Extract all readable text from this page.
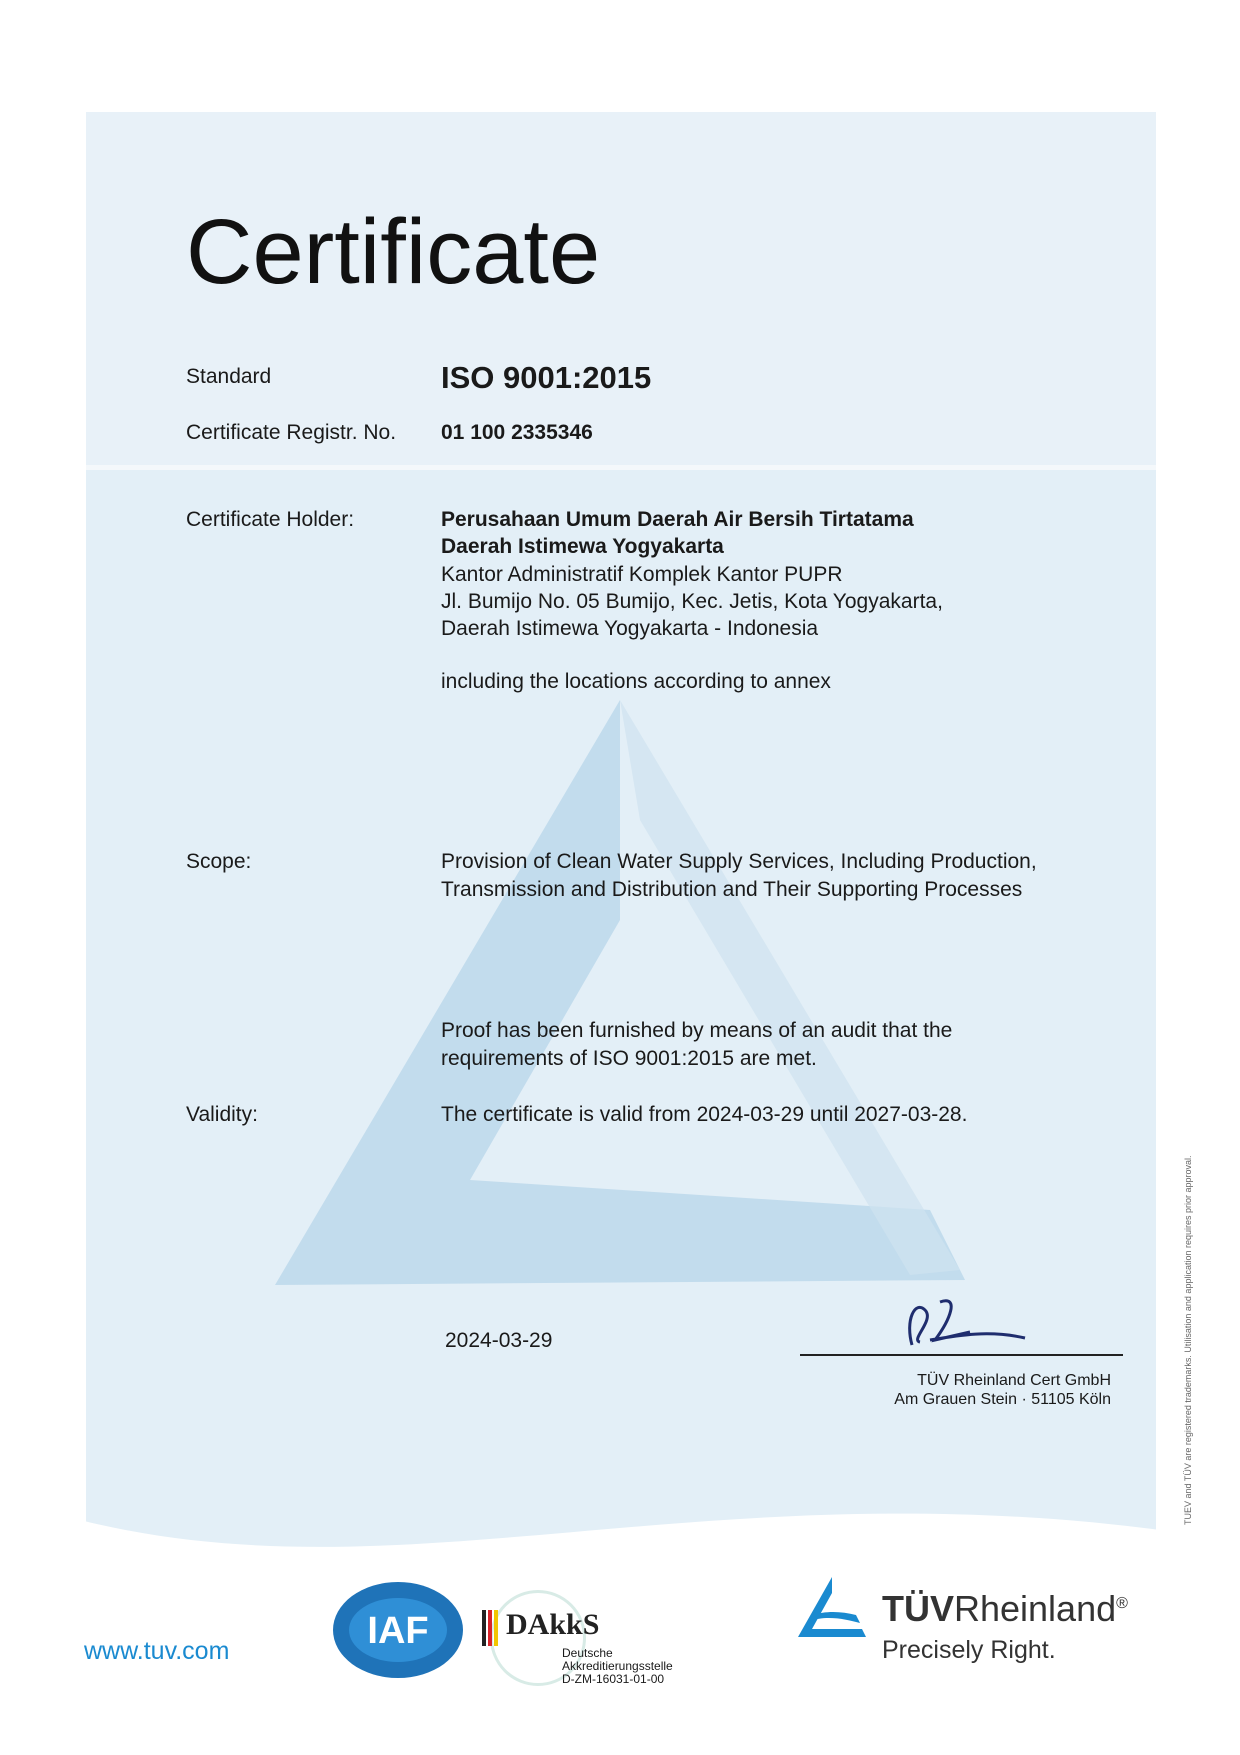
Certificate
Standard	ISO 9001:2015
Certificate Registr. No. 01 100 2335346
Certificate Holder:	Perusahaan Umum Daerah Air Bersih Tirtatama
Daerah Istimewa Yogyakarta
Kantor Administratif Komplek Kantor PUPR
Jl. Bumijo No. 05 Bumijo, Kec. Jetis, Kota Yogyakarta,
Daerah Istimewa Yogyakarta - Indonesia
including the locations according to annex
Scope:	Provision of Clean Water Supply Services, Including Production,
Transmission and Distribution and Their Supporting Processes
Proof has been furnished by means of an audit that the
requirements of ISO 9001:2015 are met.
Validity:	The certificate is valid from 2024-03-29 until 2027-03-28.
2024-03-29
TÜV Rheinland Cert GmbH
Am Grauen Stein · 51105 Köln	TUEV and TÜV are registered trademarks. Utilisation and application requires prior approval.
www.tuv.com	IAF	DAkkS
Deutsche
Akkreditierungsstelle
D-ZM-16031-01-00
TÜVRheinland®
Precisely Right.
